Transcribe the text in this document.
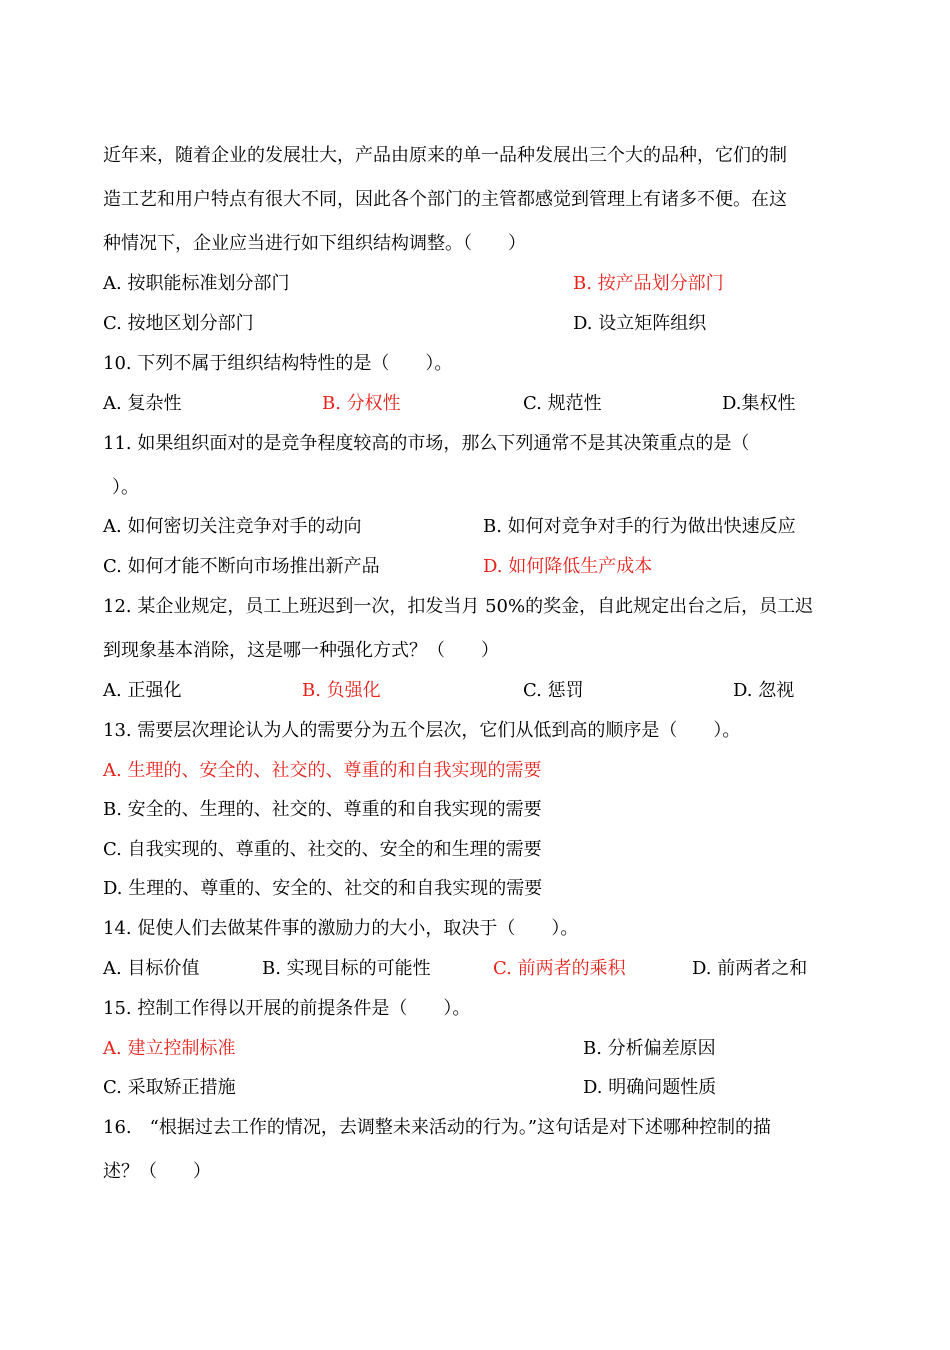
近年来，随着企业的发展壮大，产品由原来的单一品种发展出三个大的品种，它们的制
造工艺和用户特点有很大不同，因此各个部门的主管都感觉到管理上有诸多不便。在这
种情况下，企业应当进行如下组织结构调整。（　　）
A. 按职能标准划分部门	B. 按产品划分部门
C. 按地区划分部门	D. 设立矩阵组织
10. 下列不属于组织结构特性的是（　　）。
A. 复杂性	B. 分权性	C. 规范性	D.集权性
11. 如果组织面对的是竞争程度较高的市场，那么下列通常不是其决策重点的是（
）。
A. 如何密切关注竞争对手的动向	B. 如何对竞争对手的行为做出快速反应
C. 如何才能不断向市场推出新产品	D. 如何降低生产成本
12. 某企业规定，员工上班迟到一次，扣发当月 50%的奖金，自此规定出台之后，员工迟
到现象基本消除，这是哪一种强化方式？（　　）
A. 正强化	B. 负强化	C. 惩罚	D. 忽视
13. 需要层次理论认为人的需要分为五个层次，它们从低到高的顺序是（　　）。
A. 生理的、安全的、社交的、尊重的和自我实现的需要
B. 安全的、生理的、社交的、尊重的和自我实现的需要
C. 自我实现的、尊重的、社交的、安全的和生理的需要
D. 生理的、尊重的、安全的、社交的和自我实现的需要
14. 促使人们去做某件事的激励力的大小，取决于（　　）。
A. 目标价值	B. 实现目标的可能性	C. 前两者的乘积	D. 前两者之和
15. 控制工作得以开展的前提条件是（　　）。
A. 建立控制标准	B. 分析偏差原因
C. 采取矫正措施	D. 明确问题性质
16.　“根据过去工作的情况，去调整未来活动的行为。”这句话是对下述哪种控制的描
述？（　　）
